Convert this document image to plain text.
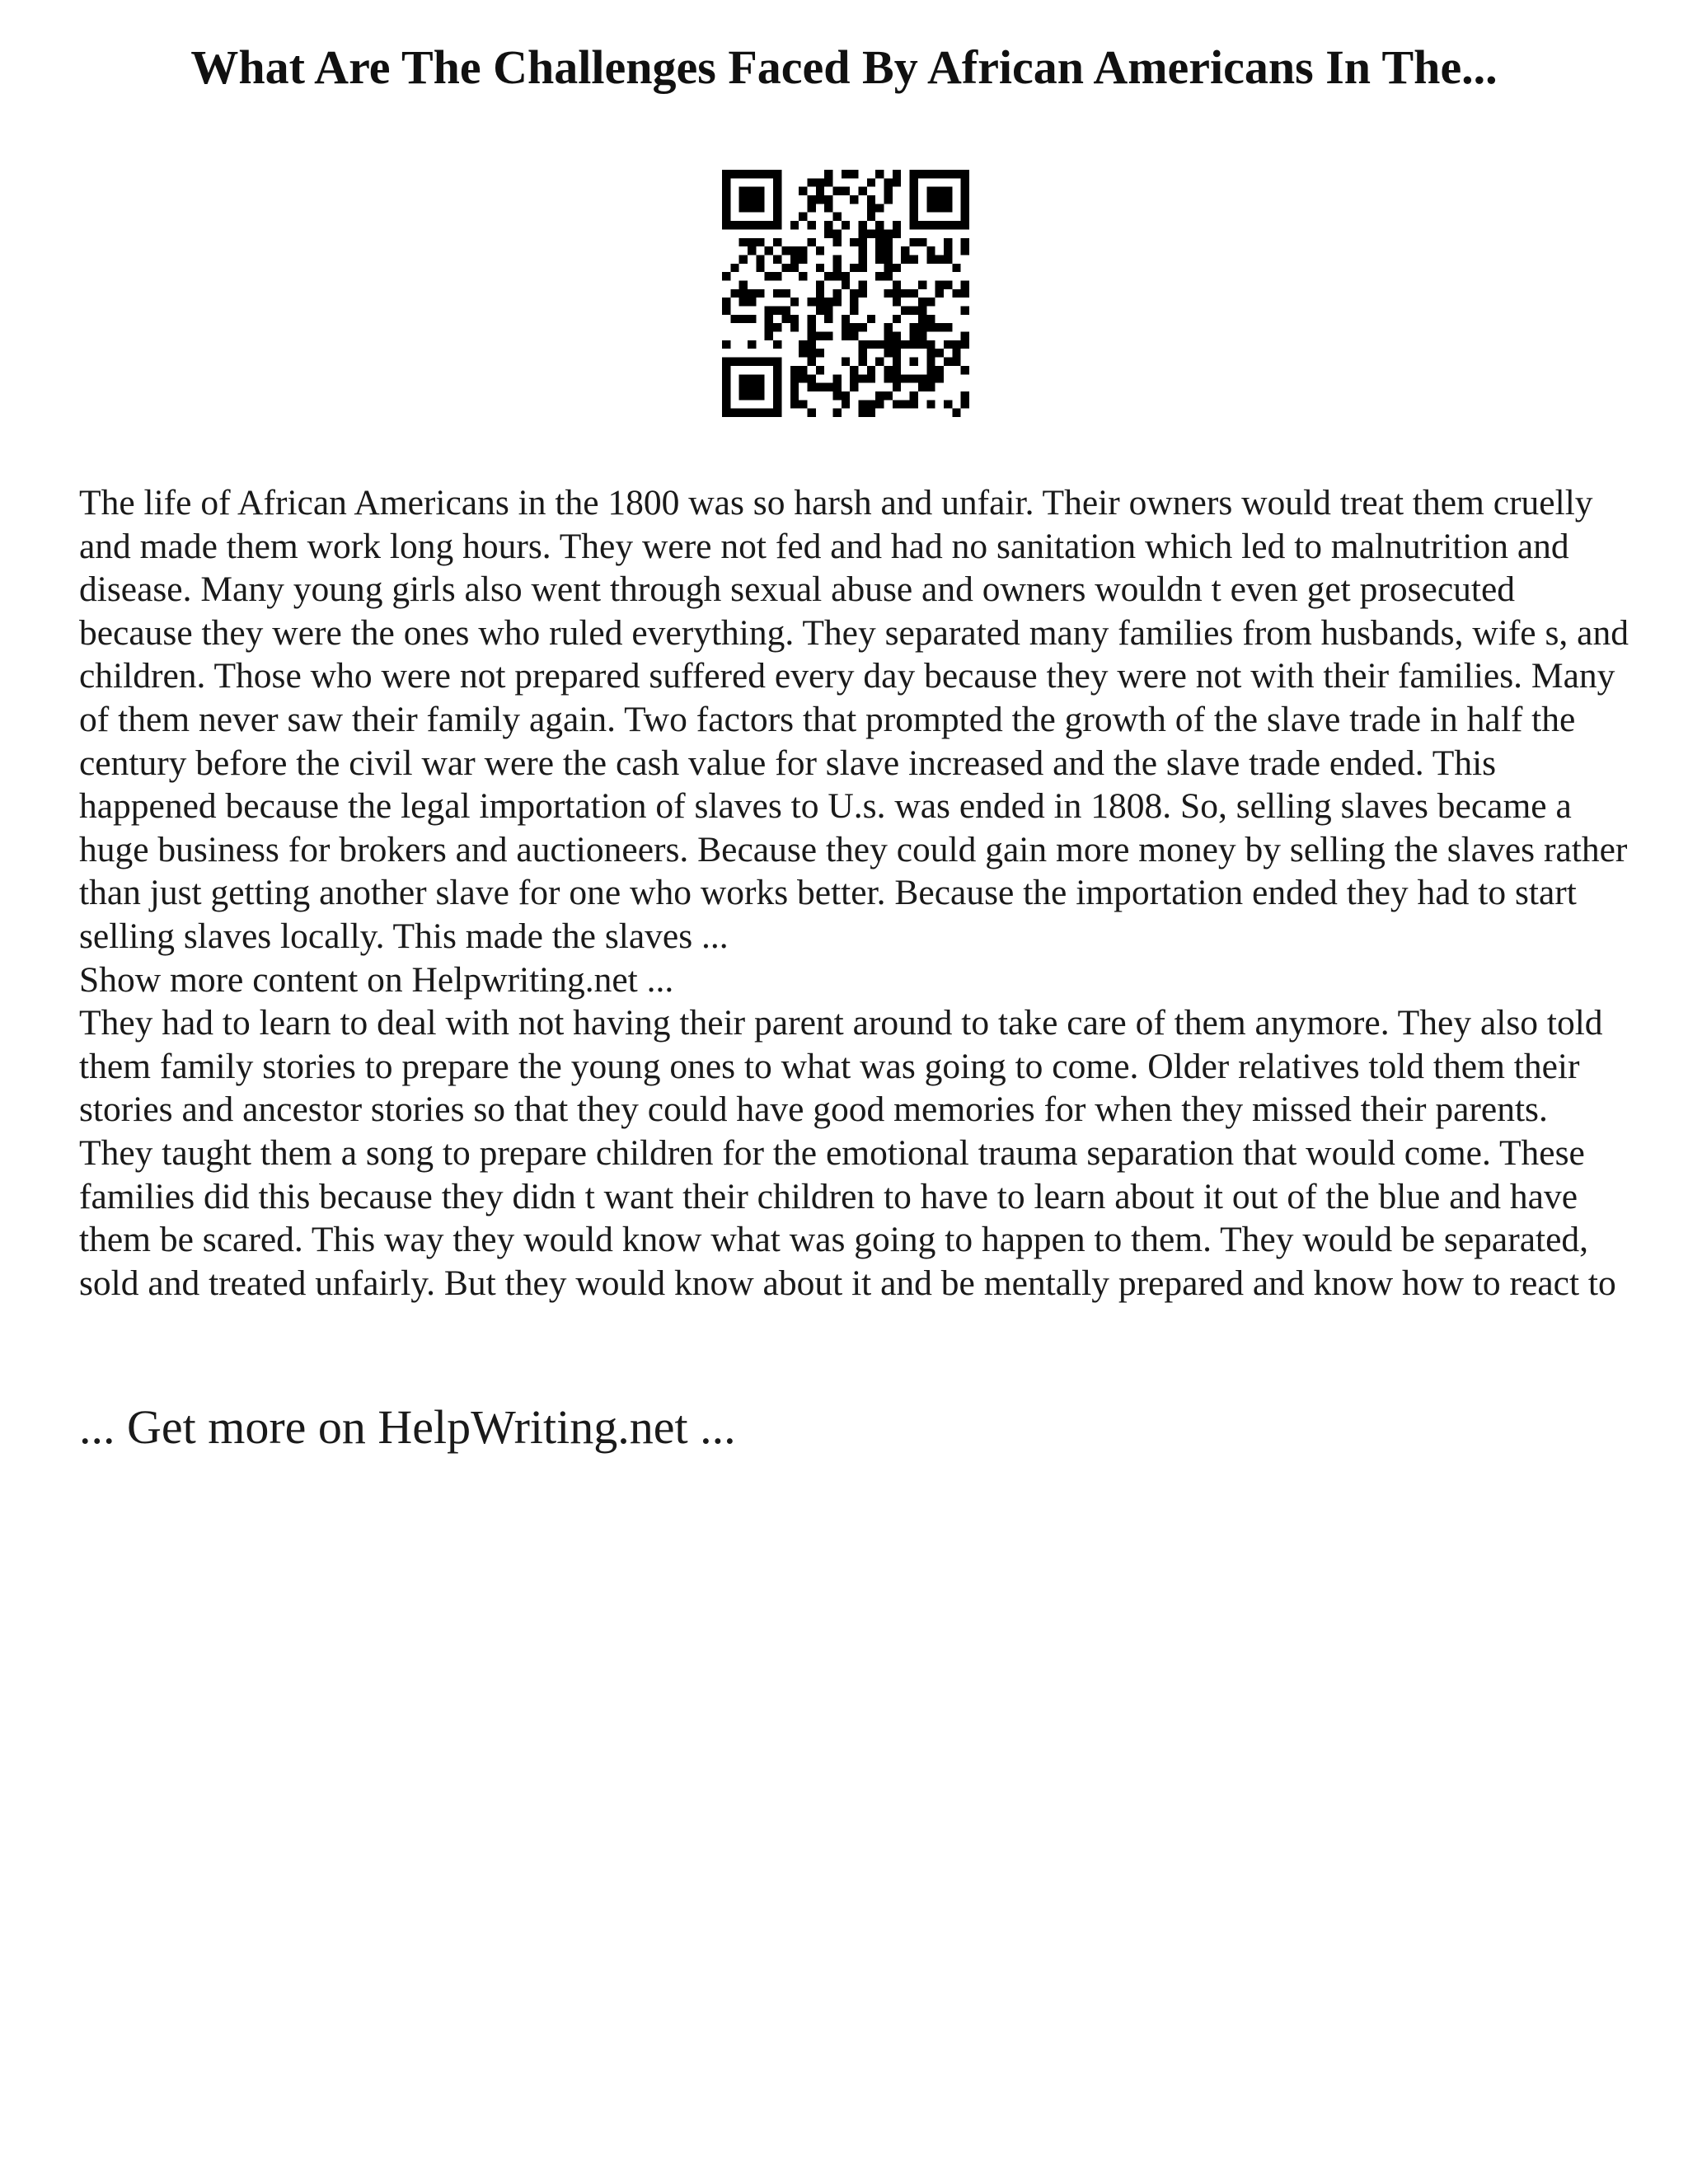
What Are The Challenges Faced By African Americans In The...

The life of African Americans in the 1800 was so harsh and unfair. Their owners would treat them cruelly and made them work long hours. They were not fed and had no sanitation which led to malnutrition and disease. Many young girls also went through sexual abuse and owners wouldn t even get prosecuted because they were the ones who ruled everything. They separated many families from husbands, wife s, and children. Those who were not prepared suffered every day because they were not with their families. Many of them never saw their family again. Two factors that prompted the growth of the slave trade in half the century before the civil war were the cash value for slave increased and the slave trade ended. This happened because the legal importation of slaves to U.s. was ended in 1808. So, selling slaves became a huge business for brokers and auctioneers. Because they could gain more money by selling the slaves rather than just getting another slave for one who works better. Because the importation ended they had to start selling slaves locally. This made the slaves ...

Show more content on Helpwriting.net ...

They had to learn to deal with not having their parent around to take care of them anymore. They also told them family stories to prepare the young ones to what was going to come. Older relatives told them their stories and ancestor stories so that they could have good memories for when they missed their parents. They taught them a song to prepare children for the emotional trauma separation that would come. These families did this because they didn t want their children to have to learn about it out of the blue and have them be scared. This way they would know what was going to happen to them. They would be separated, sold and treated unfairly. But they would know about it and be mentally prepared and know how to react to

... Get more on HelpWriting.net ...
